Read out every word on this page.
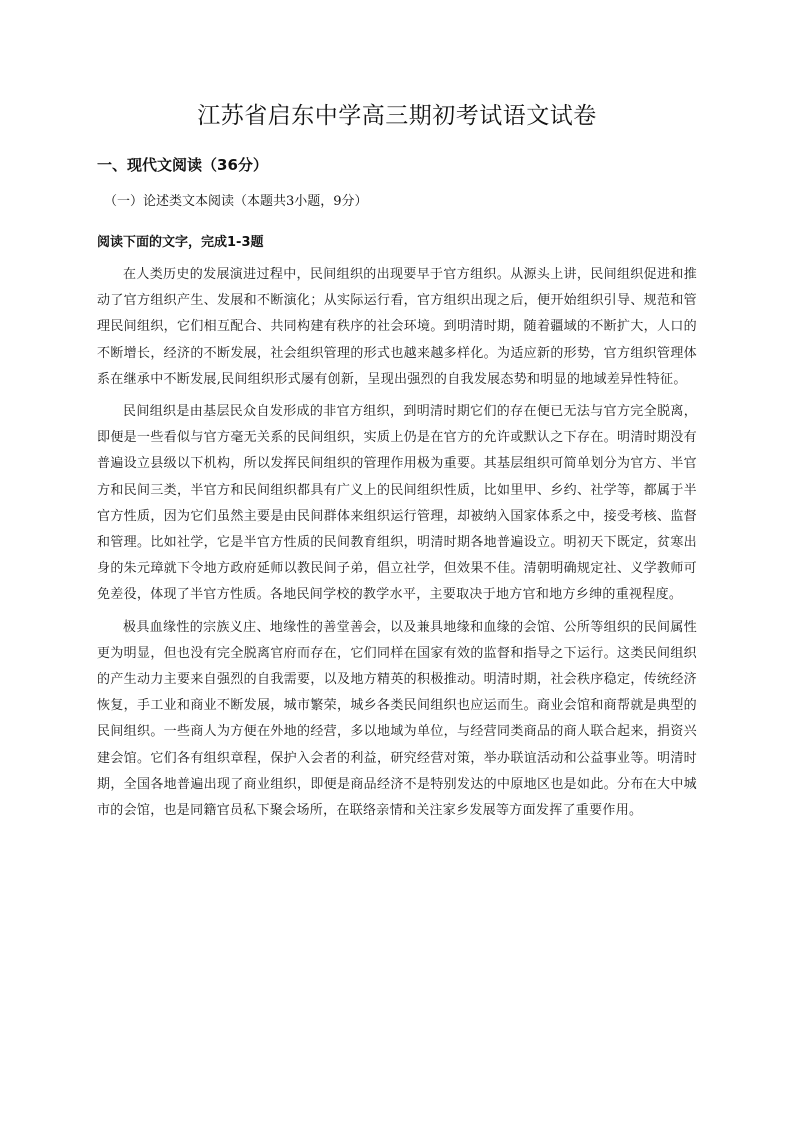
江苏省启东中学高三期初考试语文试卷
一、现代文阅读（36分）
（一）论述类文本阅读（本题共3小题，9分）
阅读下面的文字，完成1-3题

在人类历史的发展演进过程中，民间组织的出现要早于官方组织。从源头上讲，民间组织促进和推动了官方组织产生、发展和不断演化；从实际运行看，官方组织出现之后，便开始组织引导、规范和管理民间组织，它们相互配合、共同构建有秩序的社会环境。到明清时期，随着疆域的不断扩大，人口的不断增长，经济的不断发展，社会组织管理的形式也越来越多样化。为适应新的形势，官方组织管理体系在继承中不断发展,民间组织形式屡有创新，呈现出强烈的自我发展态势和明显的地域差异性特征。

民间组织是由基层民众自发形成的非官方组织，到明清时期它们的存在便已无法与官方完全脱离，即便是一些看似与官方毫无关系的民间组织，实质上仍是在官方的允许或默认之下存在。明清时期没有普遍设立县级以下机构，所以发挥民间组织的管理作用极为重要。其基层组织可简单划分为官方、半官方和民间三类，半官方和民间组织都具有广义上的民间组织性质，比如里甲、乡约、社学等，都属于半官方性质，因为它们虽然主要是由民间群体来组织运行管理，却被纳入国家体系之中，接受考核、监督和管理。比如社学，它是半官方性质的民间教育组织，明清时期各地普遍设立。明初天下既定，贫寒出身的朱元璋就下令地方政府延师以教民间子弟，倡立社学，但效果不佳。清朝明确规定社、义学教师可免差役，体现了半官方性质。各地民间学校的教学水平，主要取决于地方官和地方乡绅的重视程度。

极具血缘性的宗族义庄、地缘性的善堂善会，以及兼具地缘和血缘的会馆、公所等组织的民间属性更为明显，但也没有完全脱离官府而存在，它们同样在国家有效的监督和指导之下运行。这类民间组织的产生动力主要来自强烈的自我需要，以及地方精英的积极推动。明清时期，社会秩序稳定，传统经济恢复，手工业和商业不断发展，城市繁荣，城乡各类民间组织也应运而生。商业会馆和商帮就是典型的民间组织。一些商人为方便在外地的经营，多以地域为单位，与经营同类商品的商人联合起来，捐资兴建会馆。它们各有组织章程，保护入会者的利益，研究经营对策，举办联谊活动和公益事业等。明清时期，全国各地普遍出现了商业组织，即便是商品经济不是特别发达的中原地区也是如此。分布在大中城市的会馆，也是同籍官员私下聚会场所，在联络亲情和关注家乡发展等方面发挥了重要作用。
